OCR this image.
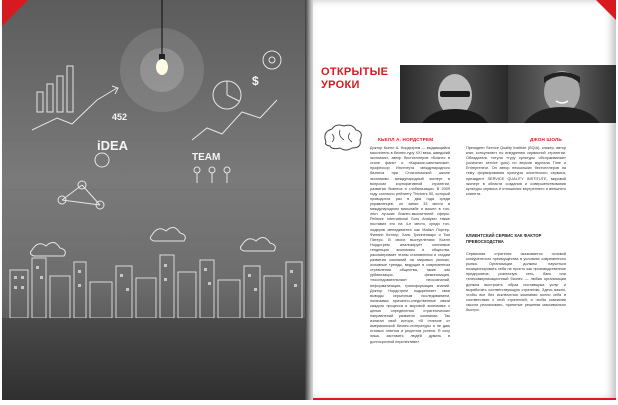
iDEA
TEAM
452
$
ОТКРЫТЫЕ
УРОКИ
КЬЕЛЛ А. НОРДСТРЕМ	ДЖОН ШОЛЬ
Доктор Кьелл А. Нордстрем — выдающийся мыслитель в бизнес-гуру XXI века, шведский экономист, автор бестселлеров «Бизнес в стиле фанк» и «Караоке-капитализм», профессор Института международного бизнеса при Стокгольмской школе экономики, международный эксперт в вопросах корпоративной стратегии, развития бизнеса и глобализации. В 2009 году согласно рейтингу Thinkers 50, который проводится раз в два года среди управленцев, он занял 33 место в международном масштабе и вошел в топ-лист лучших бизнес-мыслителей сферы. Рейтинг International Guru Analyser также поставил его на 4-е место, среди топ-лидеров менеджмента как Майкл Портер, Филипп Котлер, Ханс Тринпенаарс и Том Питерс. В своих выступлениях Кьелл Нордстрем анализирует ключевые тенденции экономики и общества, рассматривает этапы становления и стадии развития компаний на мировых рынках, основные тренды, ведущие в современном стремлении общества, такие как урбанизация, феминизация, «последовательная» неосознаний, информатизация, трансформация знаний. Доктор Нордстрем подкрепляет свои выводы серьезным исследованием, показывая причинно-следственные связи каждого процесса в мировой экономике с целью определения стратегических направлений развития компании. Так излагал свой истори. «В отличие от американской бизнес-литературы я не даю готовых ответов и рецептов успеха. Я хочу лишь заставить людей думать в долгосрочной перспективе».
Президент Service Quality Institute (SQIA), спикер, автор книг, консультант по внедрению сервисной стратегии. Обладатель титула «гуру культуры обслуживания» (customer service guru) по версии журнала Time и Entrepreneur. Он автор нескольких бестселлеров на тему формирования культуры клиентского сервиса, президент SERVICE QUALITY INSTITUTE, мировой эксперт в области создания и совершенствования культуры сервиса и отношения внутреннего и внешнего клиента.
КЛИЕНТСКИЙ СЕРВИС КАК ФАКТОР ПРЕВОСХОДСТВА
Сервисная стратегия оказывается основой конкурентного преимущества в условиях современного рынка. Организации должны научиться позиционировать себя не просто как производственное предприятие, розничную сеть, банк или телекоммуникационный бизнес — любая организация должна выстроить образ поставщика услуг и выработать соответствующую стратегию. Здесь важно, чтобы все без исключения компании могли себя в соответствии с этой стратегией, и чтобы компании смогли реализовать, принятые решения максимально быстро.
